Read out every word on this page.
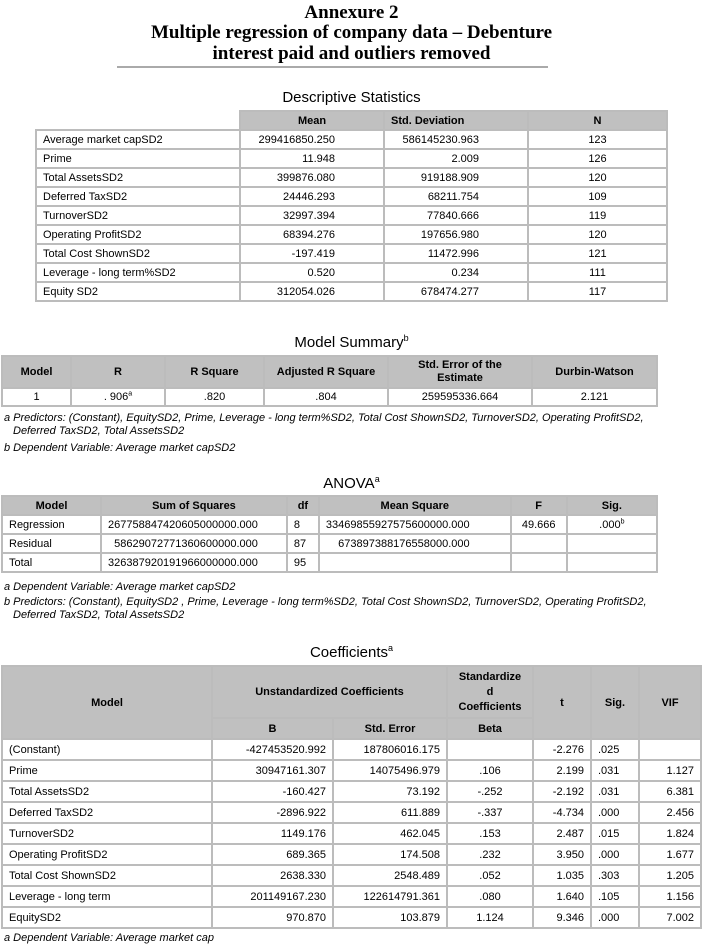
Annexure 2
Multiple regression of company data – Debenture
interest paid and outliers removed
Descriptive Statistics
	Mean	Std. Deviation	N
Average market capSD2	299416850.250	586145230.963	123
Prime	11.948	2.009	126
Total AssetsSD2	399876.080	919188.909	120
Deferred TaxSD2	24446.293	68211.754	109
TurnoverSD2	32997.394	77840.666	119
Operating ProfitSD2	68394.276	197656.980	120
Total Cost ShownSD2	-197.419	11472.996	121
Leverage - long term%SD2	0.520	0.234	111
Equity SD2	312054.026	678474.277	117
Model Summary$^b$
Model	R	R Square	Adjusted R Square	Std. Error of the Estimate	Durbin-Watson
1	. 906$^a$	.820	.804	259595336.664	2.121
a Predictors: (Constant), EquitySD2, Prime, Leverage - long term%SD2, Total Cost ShownSD2, TurnoverSD2, Operating ProfitSD2, Deferred TaxSD2, Total AssetsSD2
b Dependent Variable: Average market capSD2
ANOVA$^a$
Model	Sum of Squares	df	Mean Square	F	Sig.
Regression	267758847420605000000.000	8	33469855927575600000.000	49.666	.000$^b$
Residual	58629072771360600000.000	87	673897388176558000.000		
Total	326387920191966000000.000	95			
a Dependent Variable: Average market capSD2
b Predictors: (Constant), EquitySD2 , Prime, Leverage - long term%SD2, Total Cost ShownSD2, TurnoverSD2, Operating ProfitSD2, Deferred TaxSD2, Total AssetsSD2
Coefficients$^a$
Model	Unstandardized Coefficients		Standardize d Coefficients	t	Sig.	VIF
	B	Std. Error	Beta			
(Constant)	-427453520.992	187806016.175		-2.276	.025	
Prime	30947161.307	14075496.979	.106	2.199	.031	1.127
Total AssetsSD2	-160.427	73.192	-.252	-2.192	.031	6.381
Deferred TaxSD2	-2896.922	611.889	-.337	-4.734	.000	2.456
TurnoverSD2	1149.176	462.045	.153	2.487	.015	1.824
Operating ProfitSD2	689.365	174.508	.232	3.950	.000	1.677
Total Cost ShownSD2	2638.330	2548.489	.052	1.035	.303	1.205
Leverage - long term	201149167.230	122614791.361	.080	1.640	.105	1.156
EquitySD2	970.870	103.879	1.124	9.346	.000	7.002
a Dependent Variable: Average market cap
